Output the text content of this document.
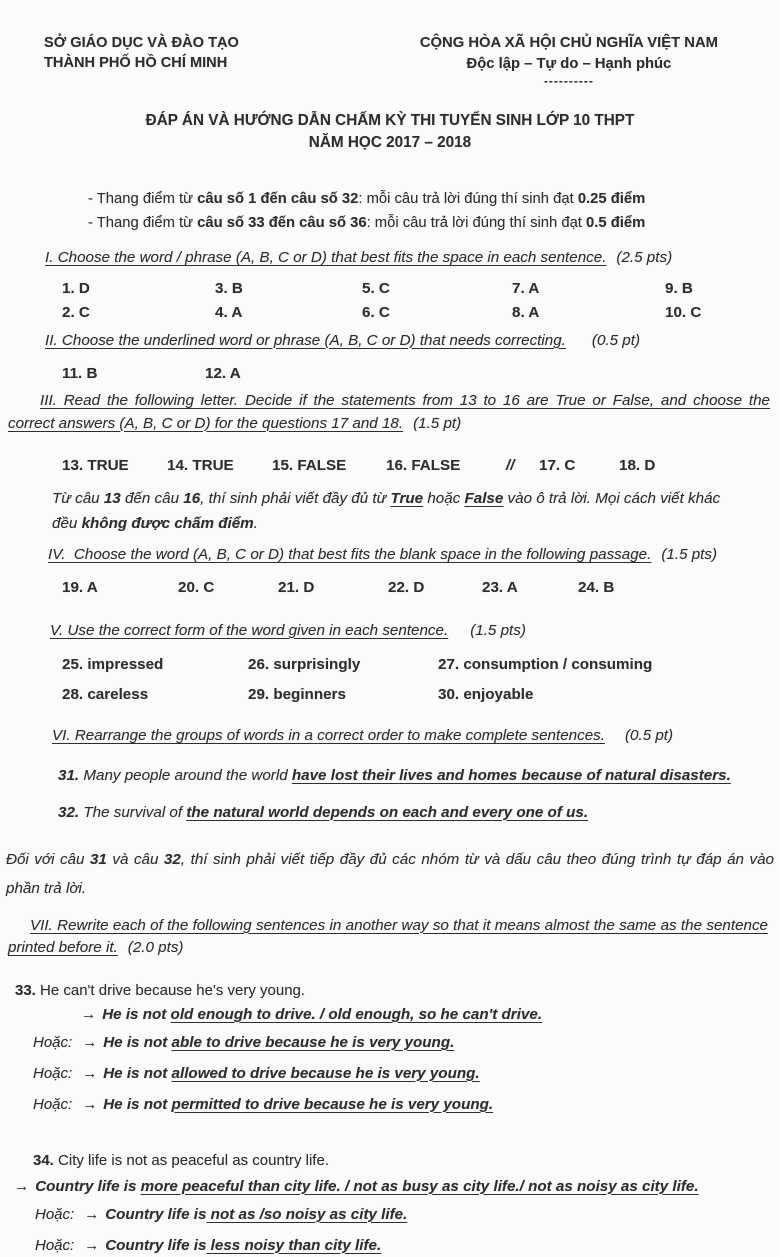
SỞ GIÁO DỤC VÀ ĐÀO TẠO
THÀNH PHỐ HỒ CHÍ MINH
CỘNG HÒA XÃ HỘI CHỦ NGHĨA VIỆT NAM
Độc lập – Tự do – Hạnh phúc
----------
ĐÁP ÁN VÀ HƯỚNG DẪN CHẤM KỲ THI TUYỂN SINH LỚP 10 THPT
NĂM HỌC 2017 – 2018
- Thang điểm từ câu số 1 đến câu số 32: mỗi câu trả lời đúng thí sinh đạt 0.25 điểm
- Thang điểm từ câu số 33 đến câu số 36: mỗi câu trả lời đúng thí sinh đạt 0.5 điểm
I. Choose the word / phrase (A, B, C or D) that best fits the space in each sentence. (2.5 pts)
1. D	3. B	5. C	7. A	9. B
2. C	4. A	6. C	8. A	10. C
II. Choose the underlined word or phrase (A, B, C or D) that needs correcting. (0.5 pt)
11. B	12. A
III. Read the following letter. Decide if the statements from 13 to 16 are True or False, and choose the correct answers (A, B, C or D) for the questions 17 and 18. (1.5 pt)
13. TRUE	14. TRUE	15. FALSE	16. FALSE	//	17. C	18. D
Từ câu 13 đến câu 16, thí sinh phải viết đầy đủ từ True hoặc False vào ô trả lời. Mọi cách viết khác đều không được chấm điểm.
IV. Choose the word (A, B, C or D) that best fits the blank space in the following passage. (1.5 pts)
19. A	20. C	21. D	22. D	23. A	24. B
V. Use the correct form of the word given in each sentence. (1.5 pts)
25. impressed	26. surprisingly	27. consumption / consuming
28. careless	29. beginners	30. enjoyable
VI. Rearrange the groups of words in a correct order to make complete sentences. (0.5 pt)
31. Many people around the world have lost their lives and homes because of natural disasters.
32. The survival of the natural world depends on each and every one of us.
Đối với câu 31 và câu 32, thí sinh phải viết tiếp đầy đủ các nhóm từ và dấu câu theo đúng trình tự đáp án vào phần trả lời.
VII. Rewrite each of the following sentences in another way so that it means almost the same as the sentence printed before it. (2.0 pts)
33. He can't drive because he's very young.
→ He is not old enough to drive. / old enough, so he can't drive.
Hoặc: → He is not able to drive because he is very young.
Hoặc: → He is not allowed to drive because he is very young.
Hoặc: → He is not permitted to drive because he is very young.
34. City life is not as peaceful as country life.
→ Country life is more peaceful than city life. / not as busy as city life./ not as noisy as city life.
Hoặc: → Country life is not as /so noisy as city life.
Hoặc: → Country life is less noisy than city life.
